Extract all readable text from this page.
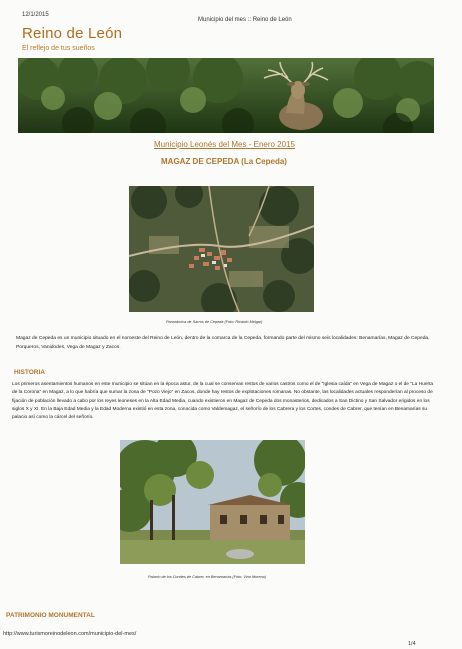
12/1/2015
Municipio del mes :: Reino de León
Reino de León
El reflejo de tus sueños
- Municipio del mes
Municipio Leonés del Mes - Enero 2015
MAGAZ DE CEPEDA (La Cepeda)
Panorámica de Sarros de Cepeda (Foto: Ricardo Melgar)

Magaz de Cepeda es un municipio situado en el noroeste del Reino de León, dentro de la comarca de la Cepeda, formando parte del mismo seis localidades: Benamarías, Magaz de Cepeda, Porqueros, Vanidodes, Vega de Magaz y Zacos.

HISTORIA

Los primeros asentamientos humanos en este municipio se sitúan en la época astur, de la cual se conservan restos de varios castros como el de "Iglesia caída" en Vega de Magaz o el de "La Huerta de la Corona" en Magaz, a lo que habría que sumar la zona de "Pozo Viejo" en Zacos, donde hay restos de explotaciones romanas. No obstante, las localidades actuales responderían al proceso de fijación de población llevado a cabo por los reyes leoneses en la Alta Edad Media, cuando existieron en Magaz de Cepeda dos monasterios, dedicados a San Dictino y San Salvador erigidos en los siglos X y XI. En la Baja Edad Media y la Edad Moderna existió en esta zona, conocida como Valdemagaz, el señorío de los Cabrera y los Cortes, condes de Cabrer, que tenían en Benamarías su palacio así como la cárcel del señorío.

Palacio de los Condes de Cabrer, en Benamarías (Foto: Vino Moreno)
PATRIMONIO MONUMENTAL
http://www.turismoreinodeleon.com/municipio-del-mes/
1/4
